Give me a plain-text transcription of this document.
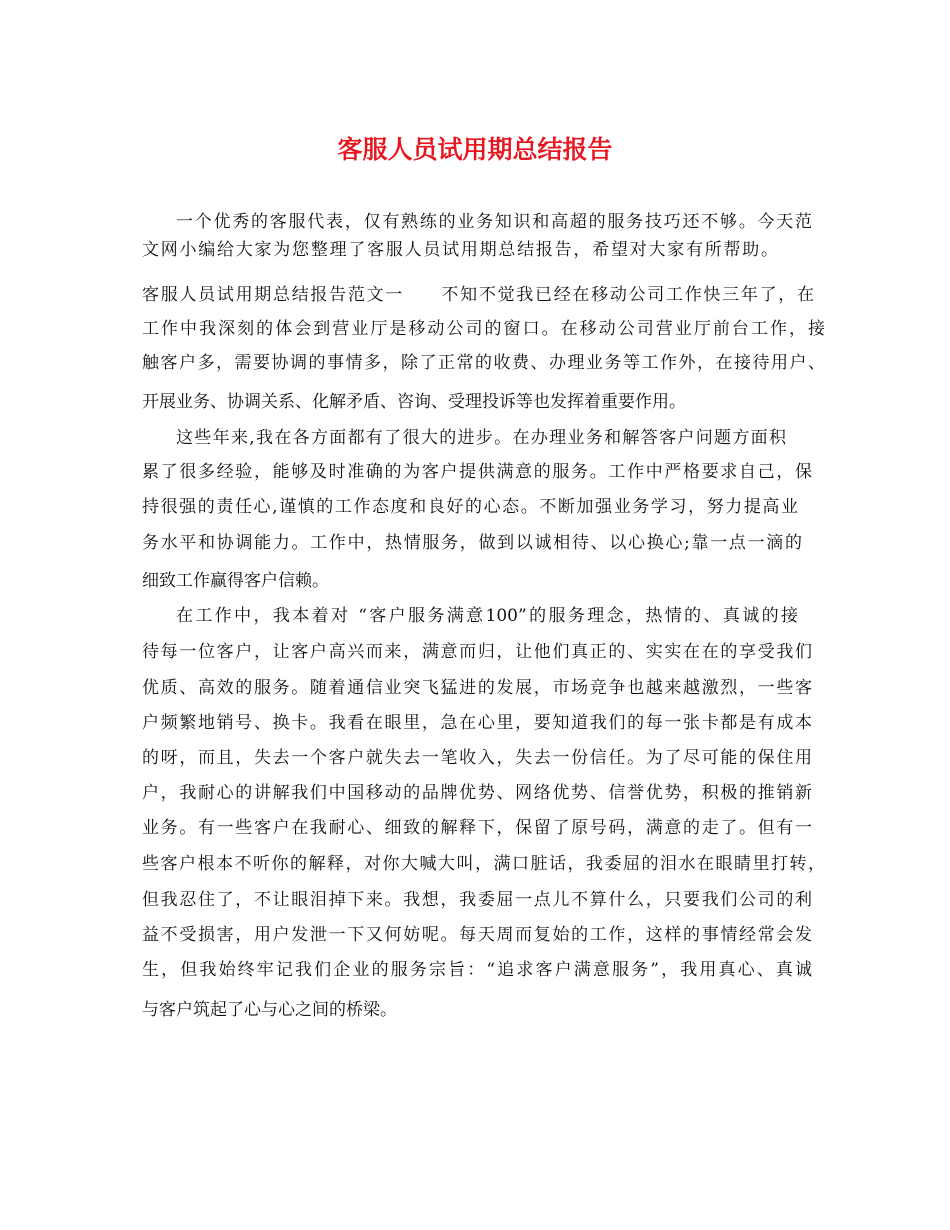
客服人员试用期总结报告
一个优秀的客服代表，仅有熟练的业务知识和高超的服务技巧还不够。今天范
文网小编给大家为您整理了客服人员试用期总结报告，希望对大家有所帮助。
客服人员试用期总结报告范文一　　不知不觉我已经在移动公司工作快三年了，在
工作中我深刻的体会到营业厅是移动公司的窗口。在移动公司营业厅前台工作，接
触客户多，需要协调的事情多，除了正常的收费、办理业务等工作外，在接待用户、
开展业务、协调关系、化解矛盾、咨询、受理投诉等也发挥着重要作用。
这些年来,我在各方面都有了很大的进步。在办理业务和解答客户问题方面积
累了很多经验，能够及时准确的为客户提供满意的服务。工作中严格要求自己，保
持很强的责任心,谨慎的工作态度和良好的心态。不断加强业务学习，努力提高业
务水平和协调能力。工作中，热情服务，做到以诚相待、以心换心;靠一点一滴的
细致工作赢得客户信赖。
在工作中，我本着对 “客户服务满意100”的服务理念，热情的、真诚的接
待每一位客户，让客户高兴而来，满意而归，让他们真正的、实实在在的享受我们
优质、高效的服务。随着通信业突飞猛进的发展，市场竞争也越来越激烈，一些客
户频繁地销号、换卡。我看在眼里，急在心里，要知道我们的每一张卡都是有成本
的呀，而且，失去一个客户就失去一笔收入，失去一份信任。为了尽可能的保住用
户，我耐心的讲解我们中国移动的品牌优势、网络优势、信誉优势，积极的推销新
业务。有一些客户在我耐心、细致的解释下，保留了原号码，满意的走了。但有一
些客户根本不听你的解释，对你大喊大叫，满口脏话，我委屈的泪水在眼睛里打转，
但我忍住了，不让眼泪掉下来。我想，我委屈一点儿不算什么，只要我们公司的利
益不受损害，用户发泄一下又何妨呢。每天周而复始的工作，这样的事情经常会发
生，但我始终牢记我们企业的服务宗旨：“追求客户满意服务”，我用真心、真诚
与客户筑起了心与心之间的桥梁。
